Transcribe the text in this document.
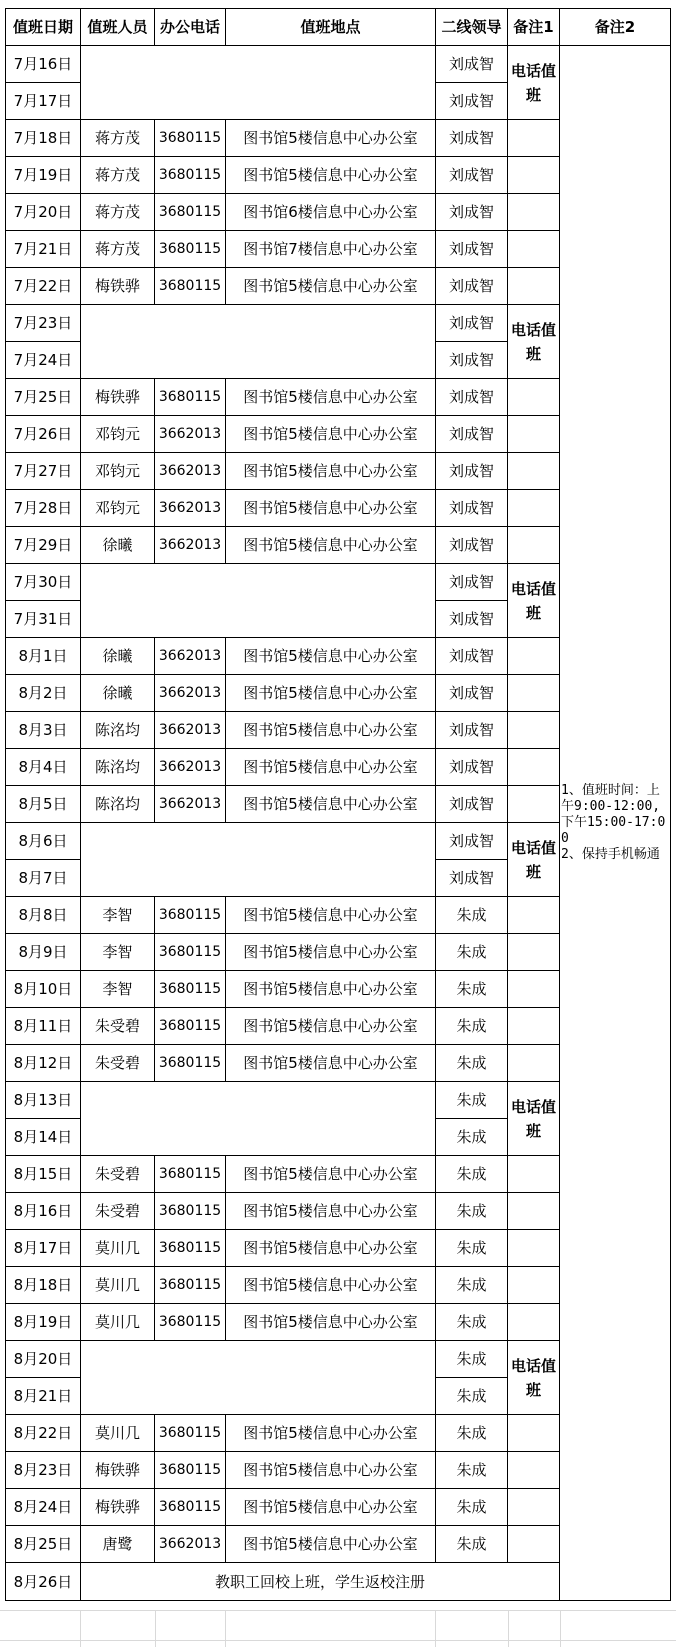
值班日期	值班人员	办公电话	值班地点	二线领导	备注1	备注2
7月16日				刘成智	电话值班	1、值班时间：上午9:00-12:00,下午15:00-17:00
2、保持手机畅通
7月17日				刘成智		
7月18日	蒋方茂	3680115	图书馆5楼信息中心办公室	刘成智		
7月19日	蒋方茂	3680115	图书馆5楼信息中心办公室	刘成智		
7月20日	蒋方茂	3680115	图书馆6楼信息中心办公室	刘成智		
7月21日	蒋方茂	3680115	图书馆7楼信息中心办公室	刘成智		
7月22日	梅铁骅	3680115	图书馆5楼信息中心办公室	刘成智		
7月23日				刘成智	电话值班	
7月24日				刘成智		
7月25日	梅铁骅	3680115	图书馆5楼信息中心办公室	刘成智		
7月26日	邓钧元	3662013	图书馆5楼信息中心办公室	刘成智		
7月27日	邓钧元	3662013	图书馆5楼信息中心办公室	刘成智		
7月28日	邓钧元	3662013	图书馆5楼信息中心办公室	刘成智		
7月29日	徐曦	3662013	图书馆5楼信息中心办公室	刘成智		
7月30日				刘成智	电话值班	
7月31日				刘成智		
8月1日	徐曦	3662013	图书馆5楼信息中心办公室	刘成智		
8月2日	徐曦	3662013	图书馆5楼信息中心办公室	刘成智		
8月3日	陈洺均	3662013	图书馆5楼信息中心办公室	刘成智		
8月4日	陈洺均	3662013	图书馆5楼信息中心办公室	刘成智		
8月5日	陈洺均	3662013	图书馆5楼信息中心办公室	刘成智		
8月6日				刘成智	电话值班	
8月7日				刘成智		
8月8日	李智	3680115	图书馆5楼信息中心办公室	朱成		
8月9日	李智	3680115	图书馆5楼信息中心办公室	朱成		
8月10日	李智	3680115	图书馆5楼信息中心办公室	朱成		
8月11日	朱受碧	3680115	图书馆5楼信息中心办公室	朱成		
8月12日	朱受碧	3680115	图书馆5楼信息中心办公室	朱成		
8月13日				朱成	电话值班	
8月14日				朱成		
8月15日	朱受碧	3680115	图书馆5楼信息中心办公室	朱成		
8月16日	朱受碧	3680115	图书馆5楼信息中心办公室	朱成		
8月17日	莫川几	3680115	图书馆5楼信息中心办公室	朱成		
8月18日	莫川几	3680115	图书馆5楼信息中心办公室	朱成		
8月19日	莫川几	3680115	图书馆5楼信息中心办公室	朱成		
8月20日				朱成	电话值班	
8月21日				朱成		
8月22日	莫川几	3680115	图书馆5楼信息中心办公室	朱成		
8月23日	梅铁骅	3680115	图书馆5楼信息中心办公室	朱成		
8月24日	梅铁骅	3680115	图书馆5楼信息中心办公室	朱成		
8月25日	唐鹭	3662013	图书馆5楼信息中心办公室	朱成		
8月26日	教职工回校上班，学生返校注册					
